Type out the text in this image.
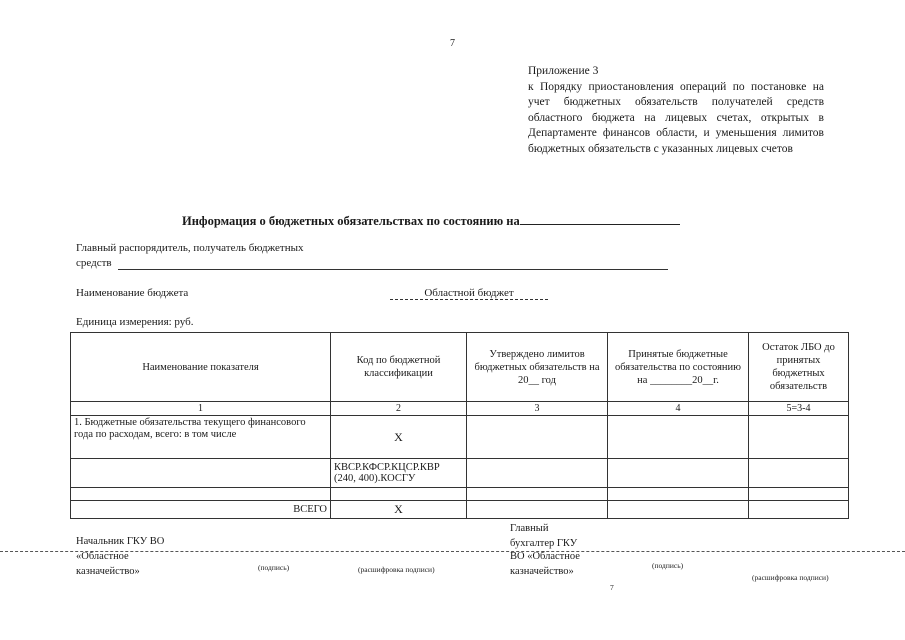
7
Приложение 3
к Порядку приостановления операций по постановке на учет бюджетных обязательств получателей средств областного бюджета на лицевых счетах, открытых в Департаменте финансов области, и уменьшения лимитов бюджетных обязательств с указанных лицевых счетов
Информация о бюджетных обязательствах по состоянию на
Главный распорядитель, получатель бюджетных
средств
Наименование бюджета	Областной бюджет
Единица измерения: руб.
Наименование показателя	Код по бюджетной классификации	Утверждено лимитов бюджетных обязательств на 20__ год	Принятые бюджетные обязательства по состоянию на ________20__г.	Остаток ЛБО до принятых бюджетных обязательств
1	2	3	4	5=3-4
1. Бюджетные обязательства текущего финансового года по расходам, всего: в том числе	Х			
	КВСР.КФСР.КЦСР.КВР (240, 400).КОСГУ			

ВСЕГО	Х			
Начальник ГКУ ВО
«Областное
казначейство»	(подпись)	(расшифровка подписи)
Главный
бухгалтер ГКУ
ВО «Областное
казначейство»
(подпись)
(расшифровка подписи)
7
